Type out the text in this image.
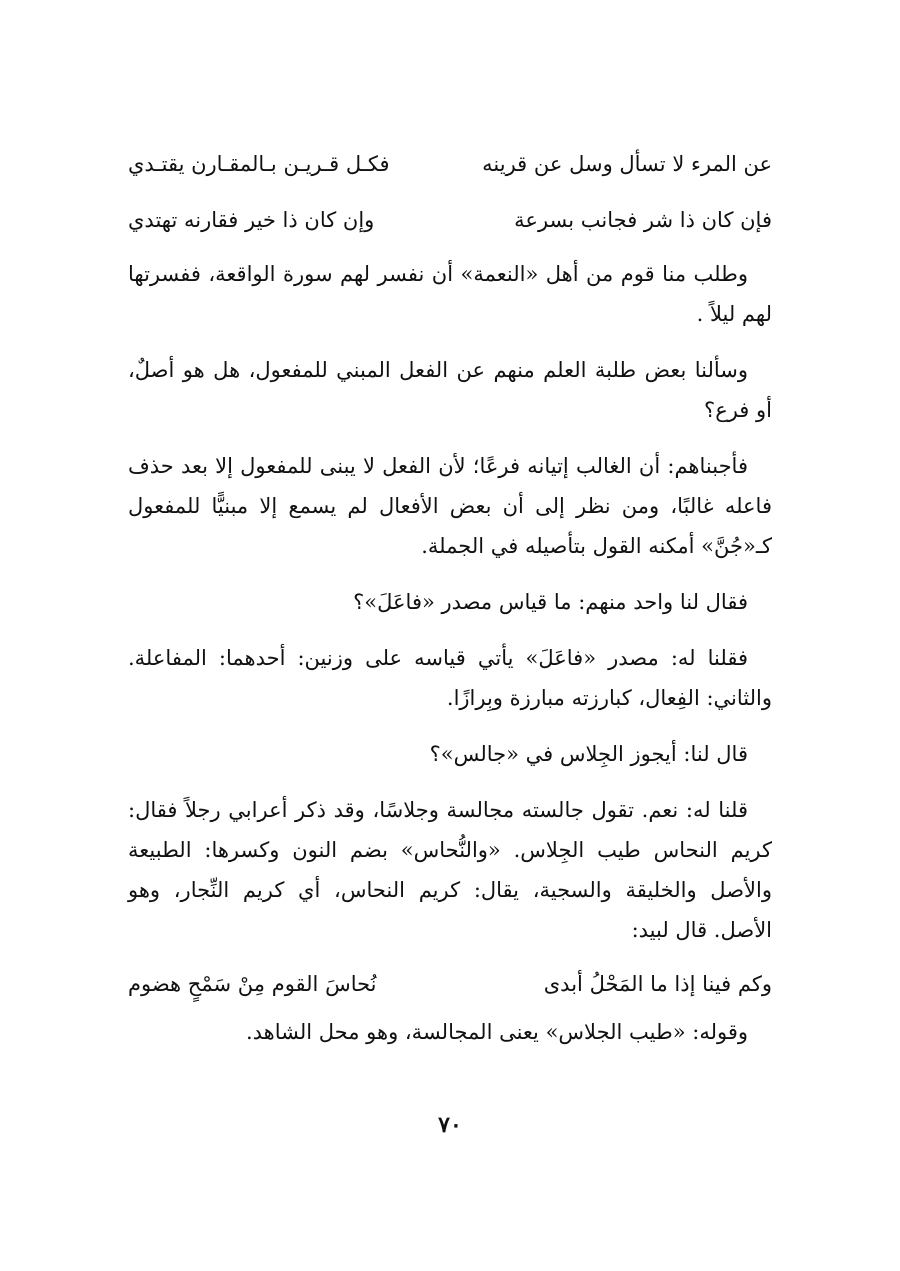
عن المرء لا تسأل وسل عن قرينه
فكـل قـريـن بـالمقـارن يقتـدي
فإن كان ذا شر فجانب بسرعة
وإن كان ذا خير فقارنه تهتدي

وطلب منا قوم من أهل «النعمة» أن نفسر لهم سورة الواقعة، ففسرتها لهم ليلاً .

وسألنا بعض طلبة العلم منهم عن الفعل المبني للمفعول، هل هو أصلٌ، أو فرع؟

فأجبناهم: أن الغالب إتيانه فرعًا؛ لأن الفعل لا يبنى للمفعول إلا بعد حذف فاعله غالبًا، ومن نظر إلى أن بعض الأفعال لم يسمع إلا مبنيًّا للمفعول كـ«جُنَّ» أمكنه القول بتأصيله في الجملة.

فقال لنا واحد منهم: ما قياس مصدر «فاعَلَ»؟

فقلنا له: مصدر «فاعَلَ» يأتي قياسه على وزنين: أحدهما: المفاعلة. والثاني: الفِعال، كبارزته مبارزة وبِرازًا.

قال لنا: أيجوز الجِلاس في «جالس»؟

قلنا له: نعم. تقول جالسته مجالسة وجلاسًا، وقد ذكر أعرابي رجلاً فقال: كريم النحاس طيب الجِلاس. «والنُّحاس» بضم النون وكسرها: الطبيعة والأصل والخليقة والسجية، يقال: كريم النحاس، أي كريم النِّجار، وهو الأصل. قال لبيد:

وكم فينا إذا ما المَحْلُ أبدى
نُحاسَ القوم مِنْ سَمْحٍ هضوم

وقوله: «طيب الجلاس» يعنى المجالسة، وهو محل الشاهد.

٧٠
